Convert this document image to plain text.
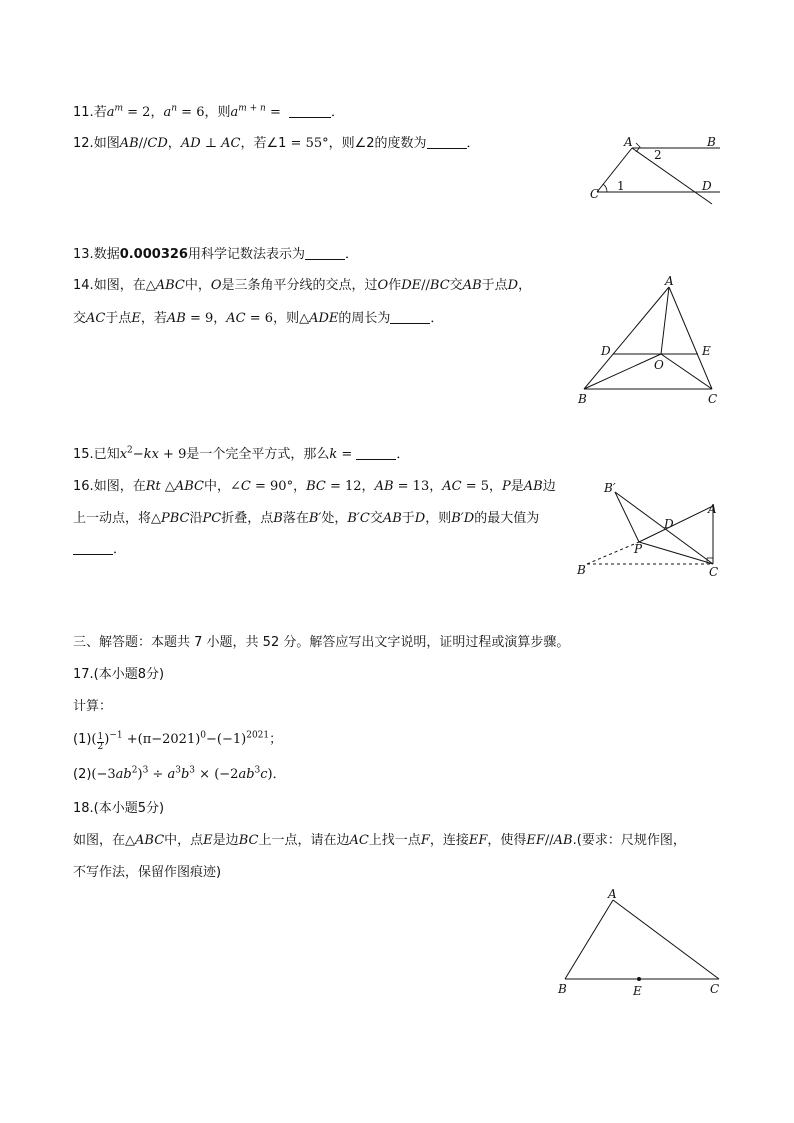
11.若$a^m = 2$，$a^n = 6$，则$a^{m + n}$ =	．
12.如图AB//CD，AD ⊥ AC，若∠1 = 55°，则∠2的度数为	．	A	B
C
D
1
2
13.数据0.000326用科学记数法表示为	．
14.如图，在△ABC中，O是三条角平分线的交点，过O作DE//BC交AB于点D，
交AC于点E，若AB = 9，AC = 6，则△ADE的周长为	．
A
D	E
O
B	C
15.已知$x^2-kx + 9$是一个完全平方式，那么k =	．
16.如图，在Rt △ABC中，∠C = 90°，BC = 12，AB = 13，AC = 5，P是AB边
上一动点，将△PBC沿PC折叠，点B落在B′处，B′C交AB于D，则B′D的最大值为
．
B′
A
D
P
B	C
三、解答题：本题共 7 小题，共 52 分。解答应写出文字说明，证明过程或演算步骤。
17.(本小题8分)
计算：
$(1)( \frac{1}{2} )^{-1} +(\pi-2021)^0-(-1)^{2021}$；
$(2)(-3ab^2)^3 \div a^3b^3 \times (-2ab^3c)$．
18.(本小题5分)
如图，在△ABC中，点E是边BC上一点，请在边AC上找一点F，连接EF，使得EF//AB.(要求：尺规作图，
不写作法，保留作图痕迹)
A
B	E	C
